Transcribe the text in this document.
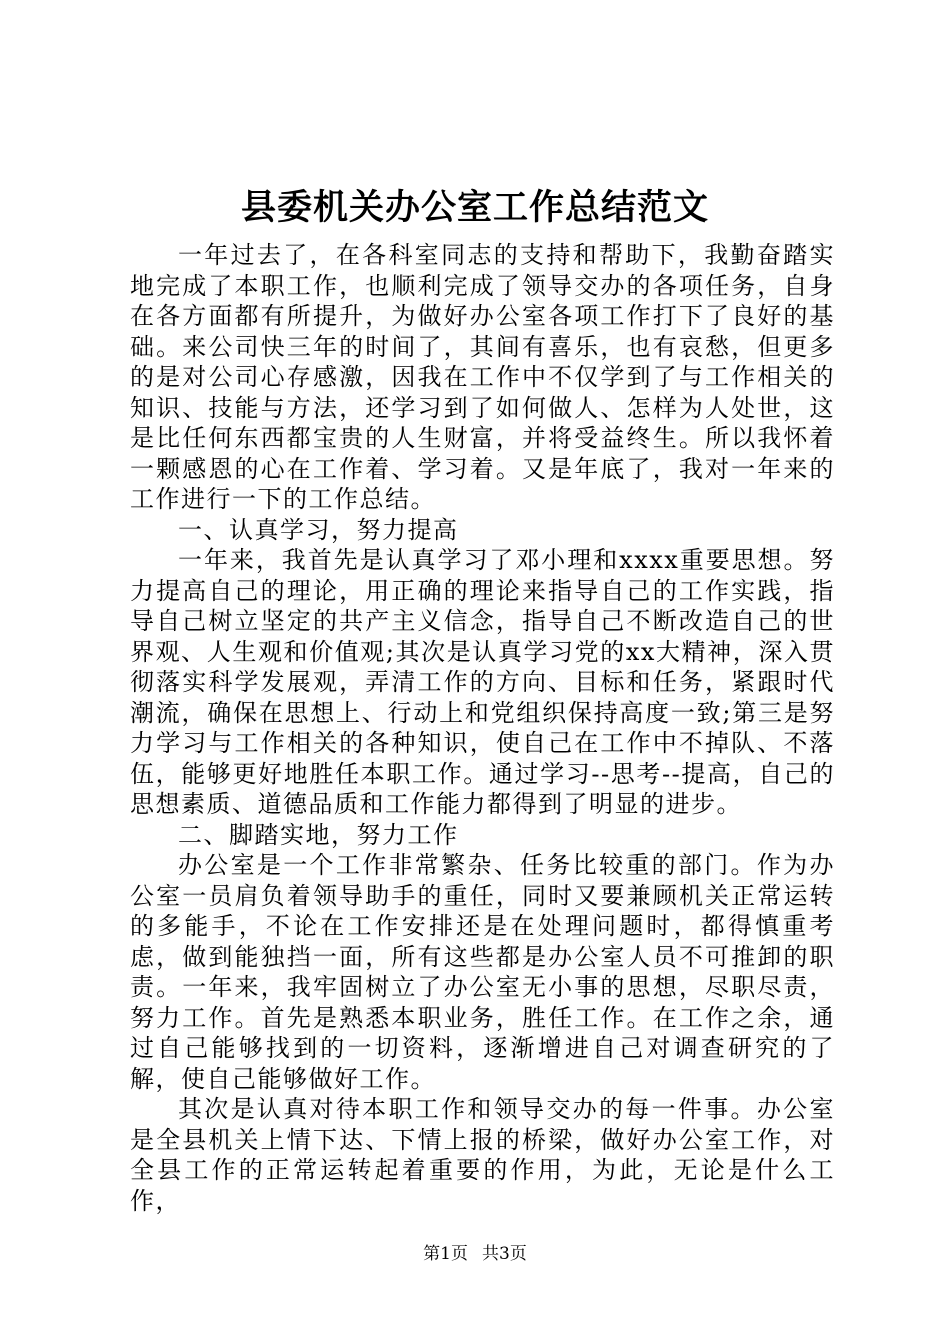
县委机关办公室工作总结范文

一年过去了，在各科室同志的支持和帮助下，我勤奋踏实地完成了本职工作，也顺利完成了领导交办的各项任务，自身在各方面都有所提升，为做好办公室各项工作打下了良好的基础。来公司快三年的时间了，其间有喜乐，也有哀愁，但更多的是对公司心存感激，因我在工作中不仅学到了与工作相关的知识、技能与方法，还学习到了如何做人、怎样为人处世，这是比任何东西都宝贵的人生财富，并将受益终生。所以我怀着一颗感恩的心在工作着、学习着。又是年底了，我对一年来的工作进行一下的工作总结。

一、认真学习，努力提高

一年来，我首先是认真学习了邓小理和xxxx重要思想。努力提高自己的理论，用正确的理论来指导自己的工作实践，指导自己树立坚定的共产主义信念，指导自己不断改造自己的世界观、人生观和价值观;其次是认真学习党的xx大精神，深入贯彻落实科学发展观，弄清工作的方向、目标和任务，紧跟时代潮流，确保在思想上、行动上和党组织保持高度一致;第三是努力学习与工作相关的各种知识，使自己在工作中不掉队、不落伍，能够更好地胜任本职工作。通过学习--思考--提高，自己的思想素质、道德品质和工作能力都得到了明显的进步。

二、脚踏实地，努力工作

办公室是一个工作非常繁杂、任务比较重的部门。作为办公室一员肩负着领导助手的重任，同时又要兼顾机关正常运转的多能手，不论在工作安排还是在处理问题时，都得慎重考虑，做到能独挡一面，所有这些都是办公室人员不可推卸的职责。一年来，我牢固树立了办公室无小事的思想，尽职尽责，努力工作。首先是熟悉本职业务，胜任工作。在工作之余，通过自己能够找到的一切资料，逐渐增进自己对调查研究的了解，使自己能够做好工作。

其次是认真对待本职工作和领导交办的每一件事。办公室是全县机关上情下达、下情上报的桥梁，做好办公室工作，对全县工作的正常运转起着重要的作用，为此，无论是什么工作，

第1页 共3页
